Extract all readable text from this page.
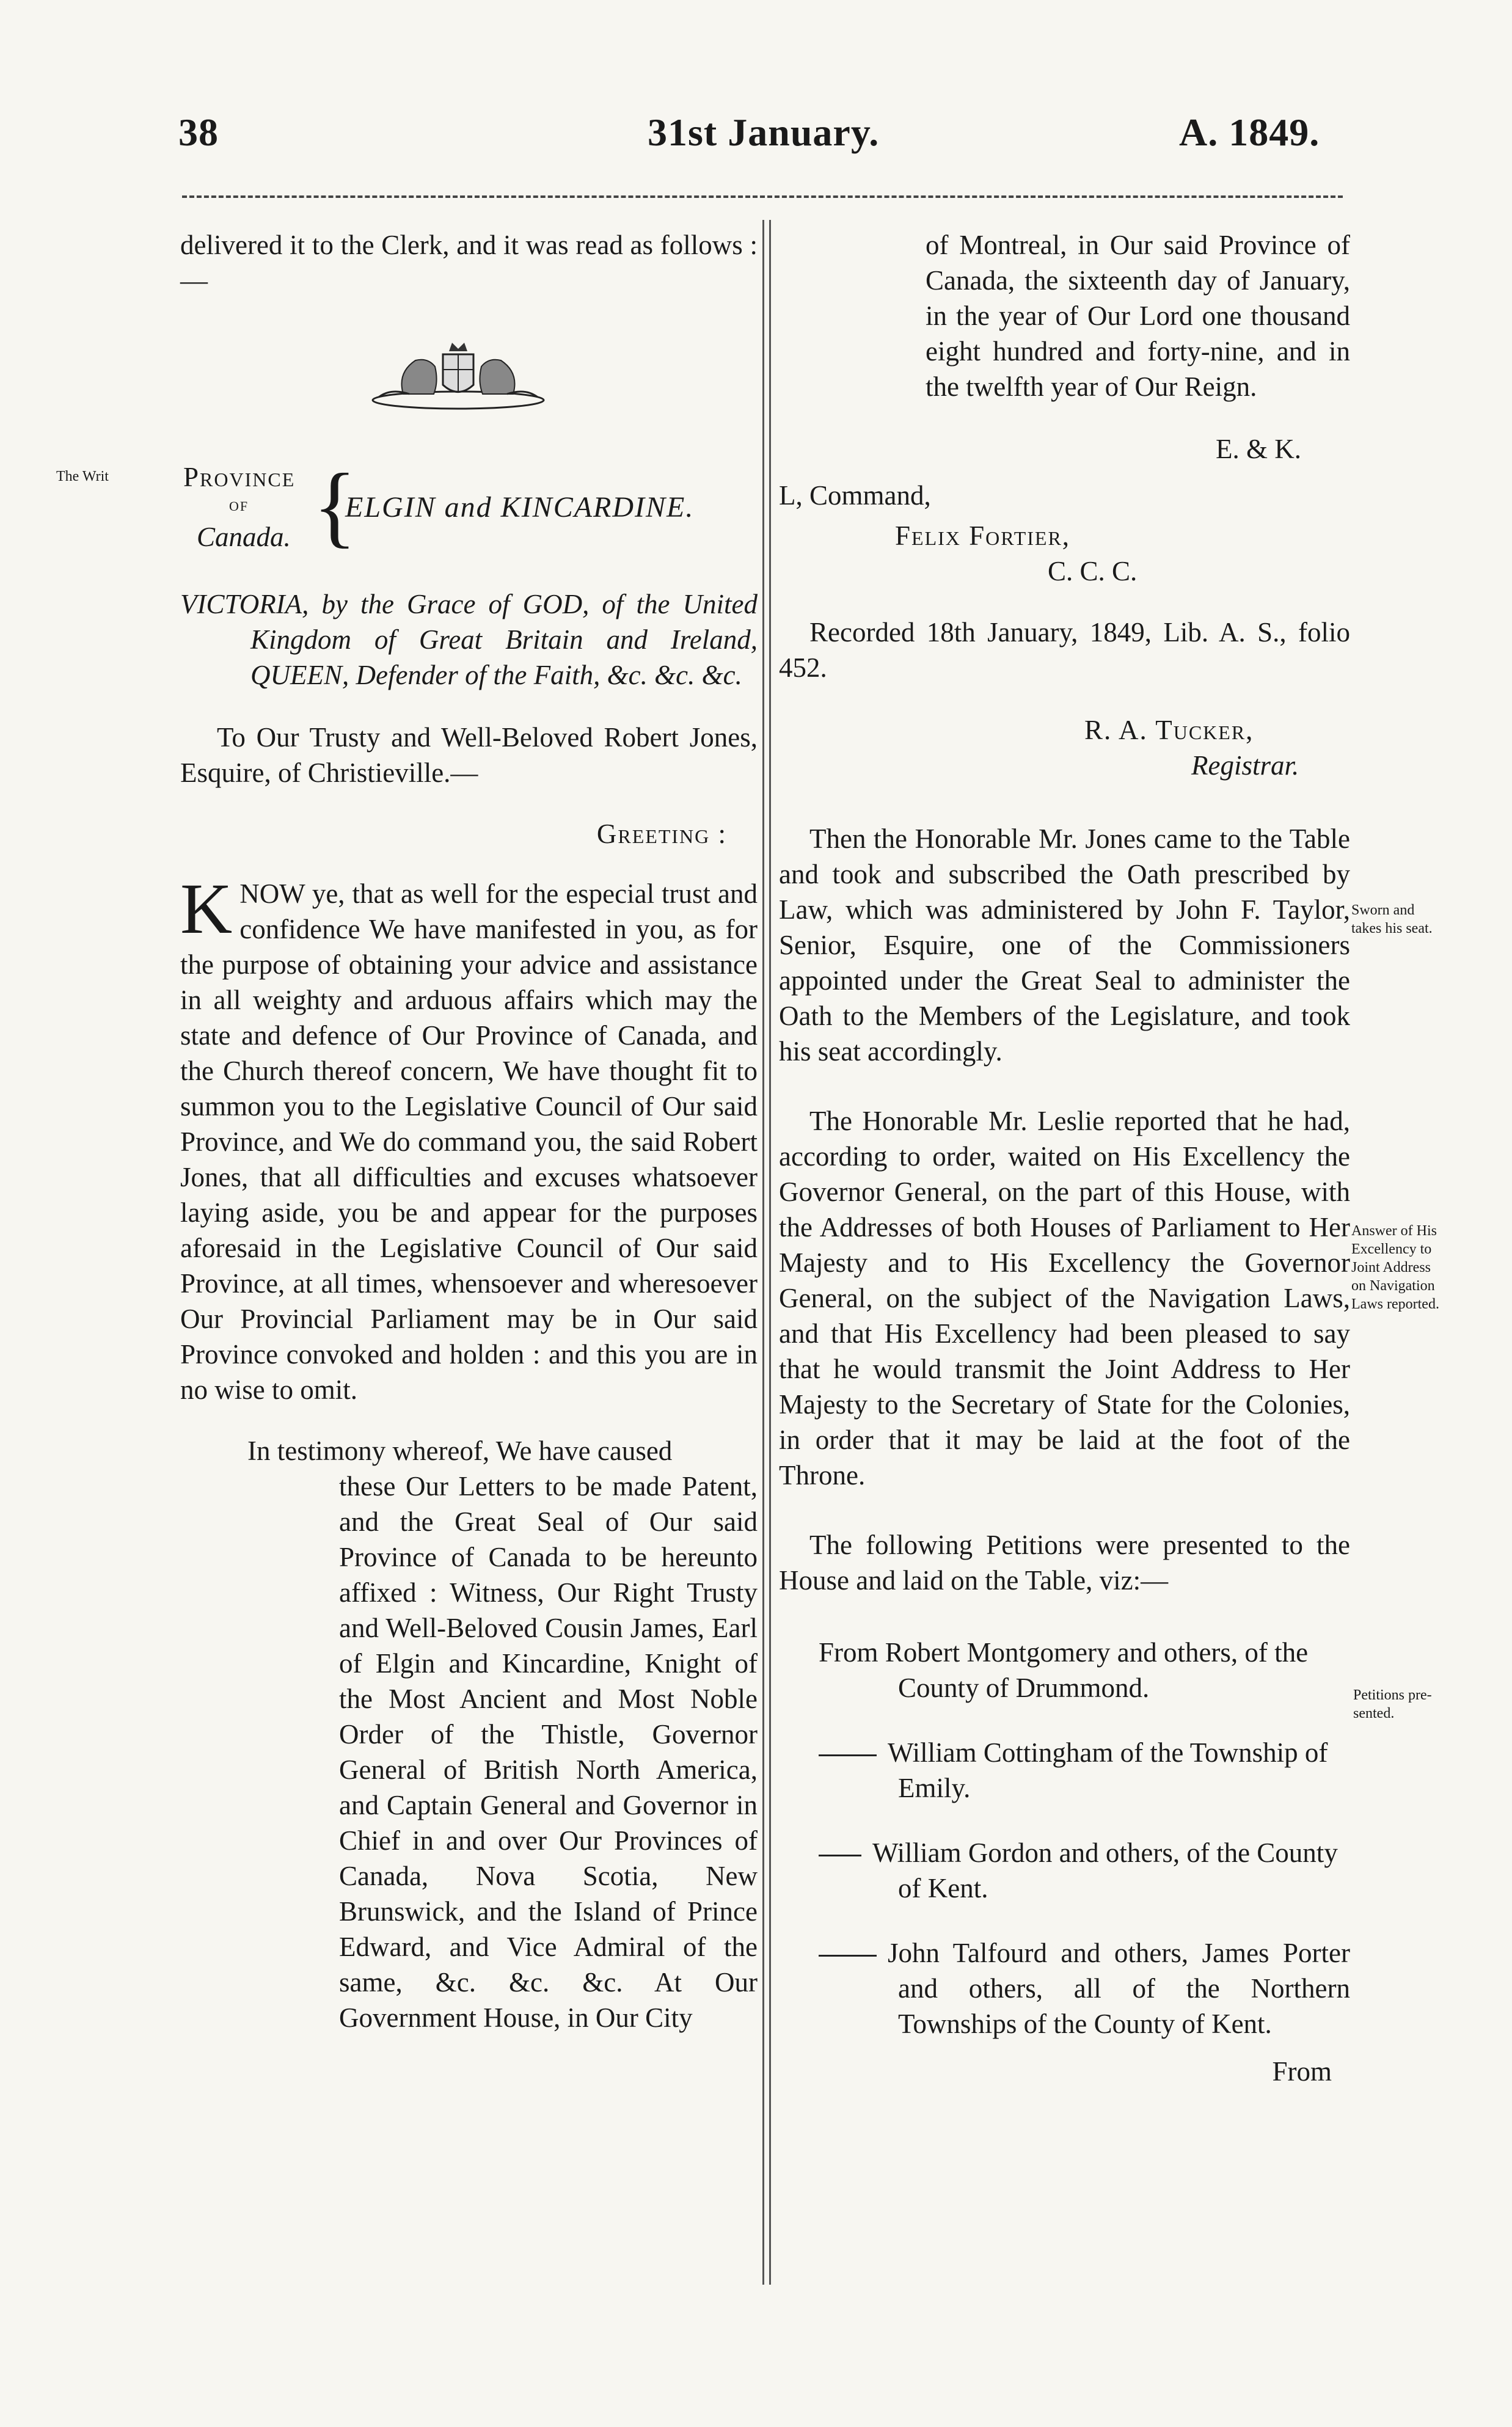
38	31st January.	A. 1849.
The Writ
Sworn and
takes his seat.
Answer of His
Excellency to
Joint Address
on Navigation
Laws reported.
Petitions pre-
sented.

delivered it to the Clerk, and it was read as follows :—

Province
of
Canada. {
ELGIN and KINCARDINE.

VICTORIA, by the Grace of GOD, of the United Kingdom of Great Britain and Ireland, QUEEN, Defender of the Faith, &c. &c. &c.

To Our Trusty and Well-Beloved Robert Jones, Esquire, of Christieville.—

Greeting :

KNOW ye, that as well for the especial trust and confidence We have manifested in you, as for the purpose of obtaining your advice and assistance in all weighty and arduous affairs which may the state and defence of Our Province of Canada, and the Church thereof concern, We have thought fit to summon you to the Legislative Council of Our said Province, and We do command you, the said Robert Jones, that all difficulties and excuses whatsoever laying aside, you be and appear for the purposes aforesaid in the Legislative Council of Our said Province, at all times, whensoever and wheresoever Our Provincial Parliament may be in Our said Province convoked and holden : and this you are in no wise to omit.

In testimony whereof, We have caused

these Our Letters to be made Patent, and the Great Seal of Our said Province of Canada to be hereunto affixed : Witness, Our Right Trusty and Well-Beloved Cousin James, Earl of Elgin and Kincardine, Knight of the Most Ancient and Most Noble Order of the Thistle, Governor General of British North America, and Captain General and Governor in Chief in and over Our Provinces of Canada, Nova Scotia, New Brunswick, and the Island of Prince Edward, and Vice Admiral of the same, &c. &c. &c. At Our Government House, in Our City

of Montreal, in Our said Province of Canada, the sixteenth day of January, in the year of Our Lord one thousand eight hundred and forty-nine, and in the twelfth year of Our Reign.

E. & K.

L, Command,

Felix Fortier,

C. C. C.

Recorded 18th January, 1849, Lib. A. S., folio 452.

R. A. Tucker,

Registrar.

Then the Honorable Mr. Jones came to the Table and took and subscribed the Oath prescribed by Law, which was administered by John F. Taylor, Senior, Esquire, one of the Commissioners appointed under the Great Seal to administer the Oath to the Members of the Legislature, and took his seat accordingly.

The Honorable Mr. Leslie reported that he had, according to order, waited on His Excellency the Governor General, on the part of this House, with the Addresses of both Houses of Parliament to Her Majesty and to His Excellency the Governor General, on the subject of the Navigation Laws, and that His Excellency had been pleased to say that he would transmit the Joint Address to Her Majesty to the Secretary of State for the Colonies, in order that it may be laid at the foot of the Throne.

The following Petitions were presented to the House and laid on the Table, viz:—

From Robert Montgomery and others, of the County of Drummond.

William Cottingham of the Township of Emily.

William Gordon and others, of the County of Kent.

John Talfourd and others, James Porter and others, all of the Northern Townships of the County of Kent.

From
